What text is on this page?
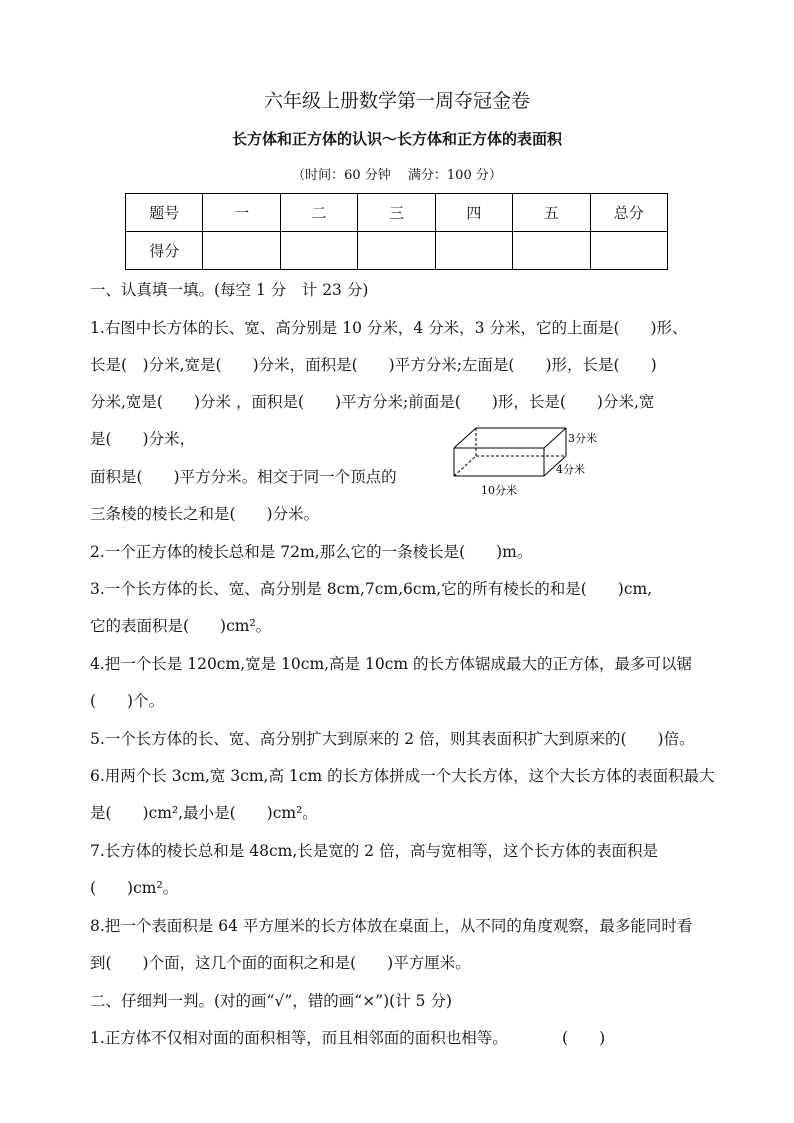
六年级上册数学第一周夺冠金卷
长方体和正方体的认识～长方体和正方体的表面积
（时间：60 分钟　 满分：100 分）
题号	一	二	三	四	五	总分
得分						
一、认真填一填。(每空 1 分　计 23 分)
1.右图中长方体的长、宽、高分别是 10 分米，4 分米，3 分米，它的上面是(　　)形、
长是(　)分米,宽是(　　)分米，面积是(　　)平方分米;左面是(　　)形，长是(　　)
分米,宽是(　　)分米 ，面积是(　　)平方分米;前面是(　　)形，长是(　　)分米,宽
是(　　)分米，
面积是(　　)平方分米。相交于同一个顶点的
三条棱的棱长之和是(　　)分米。
2.一个正方体的棱长总和是 72m,那么它的一条棱长是(　　)m。
3.一个长方体的长、宽、高分别是 8cm,7cm,6cm,它的所有棱长的和是(　　)cm,
它的表面积是(　　)cm²。
4.把一个长是 120cm,宽是 10cm,高是 10cm 的长方体锯成最大的正方体，最多可以锯
(　　)个。
5.一个长方体的长、宽、高分别扩大到原来的 2 倍，则其表面积扩大到原来的(　　)倍。
6.用两个长 3cm,宽 3cm,高 1cm 的长方体拼成一个大长方体，这个大长方体的表面积最大
是(　　)cm²,最小是(　　)cm²。
7.长方体的棱长总和是 48cm,长是宽的 2 倍，高与宽相等，这个长方体的表面积是
(　　)cm²。
8.把一个表面积是 64 平方厘米的长方体放在桌面上，从不同的角度观察，最多能同时看
到(　　)个面，这几个面的面积之和是(　　)平方厘米。
二、仔细判一判。(对的画“√”，错的画“×”)(计 5 分)
1.正方体不仅相对面的面积相等，而且相邻面的面积也相等。　　　　(　　)
3分米
4分米
10分米
